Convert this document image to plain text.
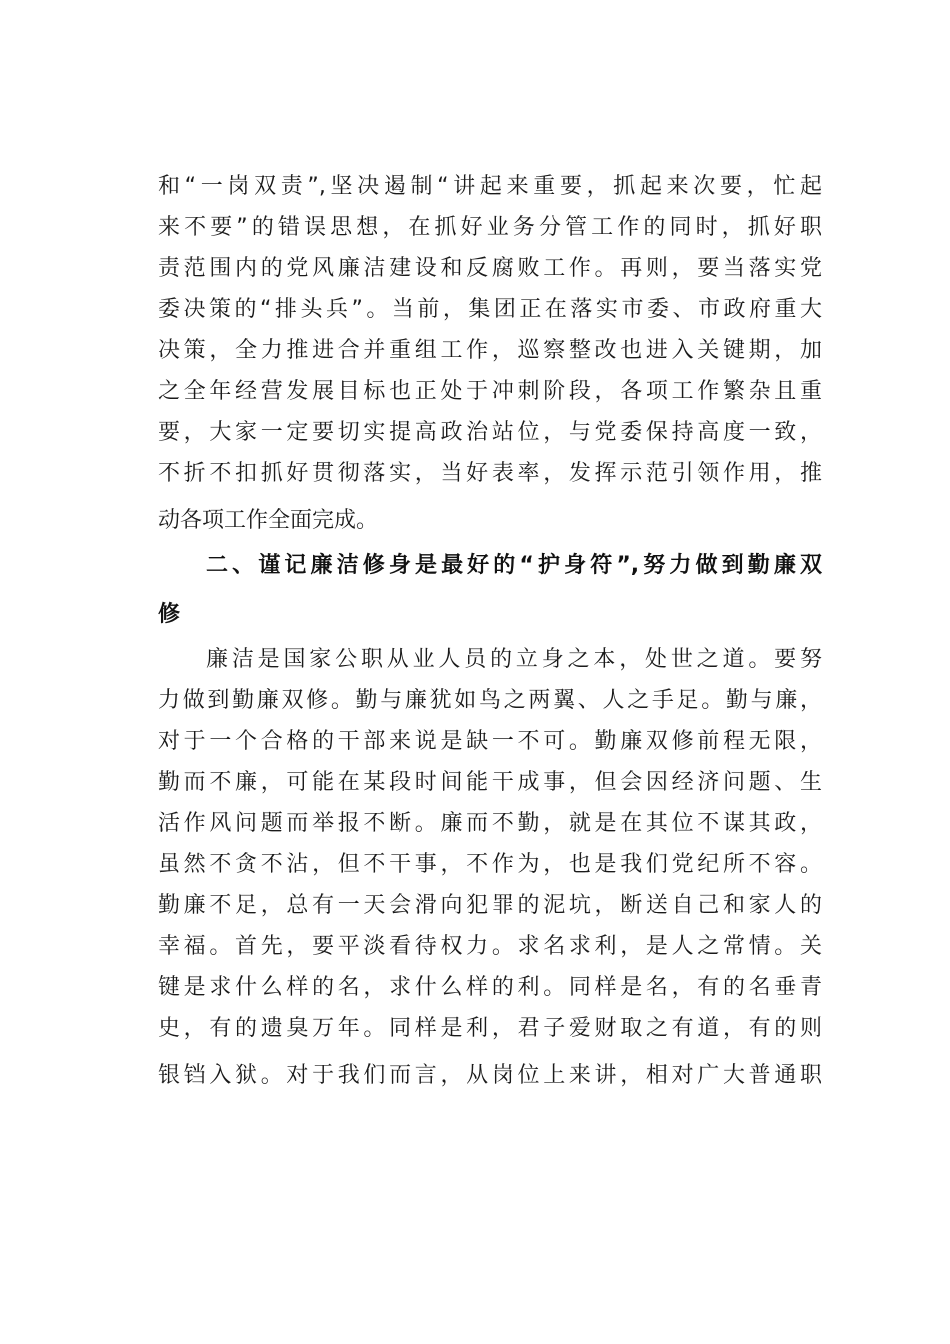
和“一岗双责”,坚决遏制“讲起来重要，抓起来次要，忙起
来不要”的错误思想，在抓好业务分管工作的同时，抓好职
责范围内的党风廉洁建设和反腐败工作。再则，要当落实党
委决策的“排头兵”。当前，集团正在落实市委、市政府重大
决策，全力推进合并重组工作，巡察整改也进入关键期，加
之全年经营发展目标也正处于冲刺阶段，各项工作繁杂且重
要，大家一定要切实提高政治站位，与党委保持高度一致，
不折不扣抓好贯彻落实，当好表率，发挥示范引领作用，推
动各项工作全面完成。
二、谨记廉洁修身是最好的“护身符”,努力做到勤廉双
修
廉洁是国家公职从业人员的立身之本，处世之道。要努
力做到勤廉双修。勤与廉犹如鸟之两翼、人之手足。勤与廉，
对于一个合格的干部来说是缺一不可。勤廉双修前程无限，
勤而不廉，可能在某段时间能干成事，但会因经济问题、生
活作风问题而举报不断。廉而不勤，就是在其位不谋其政，
虽然不贪不沾，但不干事，不作为，也是我们党纪所不容。
勤廉不足，总有一天会滑向犯罪的泥坑，断送自己和家人的
幸福。首先，要平淡看待权力。求名求利，是人之常情。关
键是求什么样的名，求什么样的利。同样是名，有的名垂青
史，有的遗臭万年。同样是利，君子爱财取之有道，有的则
银铛入狱。对于我们而言，从岗位上来讲，相对广大普通职
